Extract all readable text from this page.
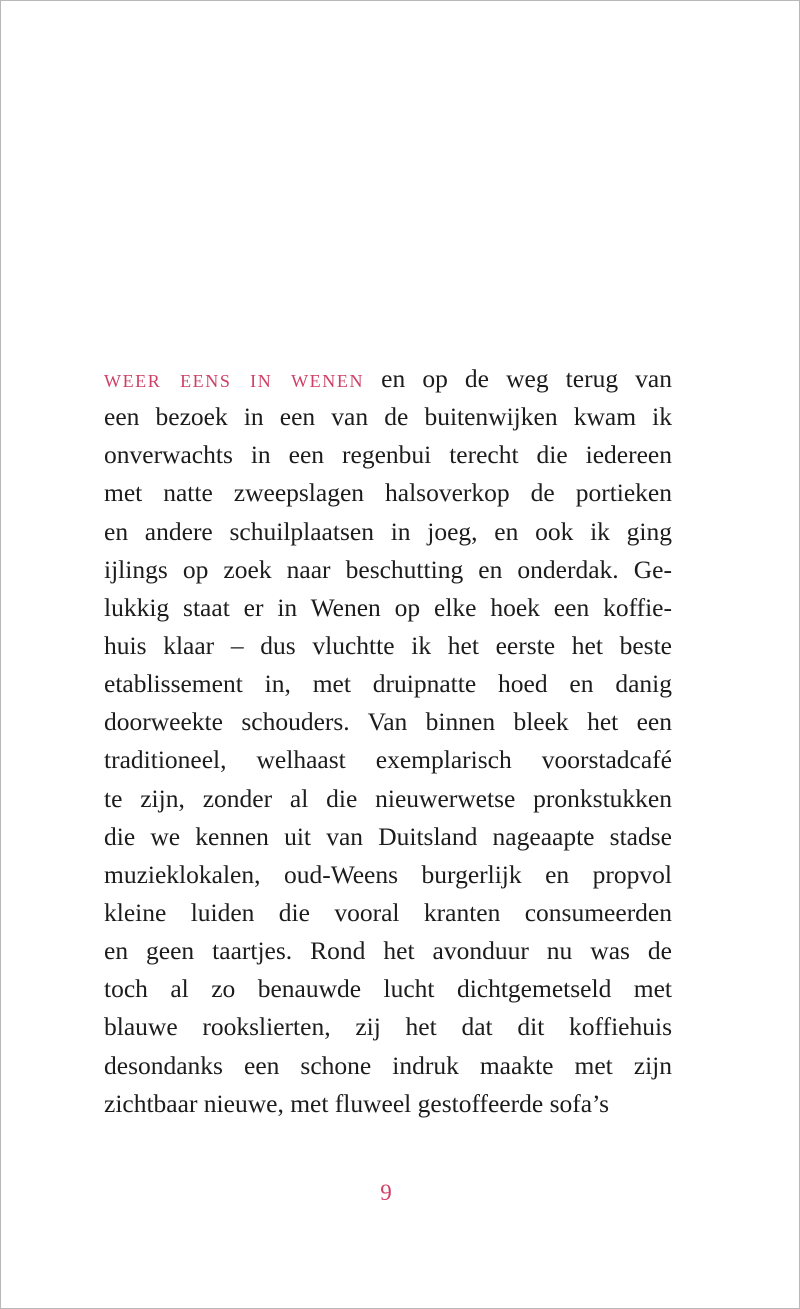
weer eens in wenen en op de weg terug van
een bezoek in een van de buitenwijken kwam ik
onverwachts in een regenbui terecht die iedereen
met natte zweepslagen halsoverkop de portieken
en andere schuilplaatsen in joeg, en ook ik ging
ijlings op zoek naar beschutting en onderdak. Ge-
lukkig staat er in Wenen op elke hoek een koffie-
huis klaar – dus vluchtte ik het eerste het beste
etablissement in, met druipnatte hoed en danig
doorweekte schouders. Van binnen bleek het een
traditioneel, welhaast exemplarisch voorstadcafé
te zijn, zonder al die nieuwerwetse pronkstukken
die we kennen uit van Duitsland nageaapte stadse
muzieklokalen, oud-Weens burgerlijk en propvol
kleine luiden die vooral kranten consumeerden
en geen taartjes. Rond het avonduur nu was de
toch al zo benauwde lucht dichtgemetseld met
blauwe rookslierten, zij het dat dit koffiehuis
desondanks een schone indruk maakte met zijn
zichtbaar nieuwe, met fluweel gestoffeerde sofa’s
9
